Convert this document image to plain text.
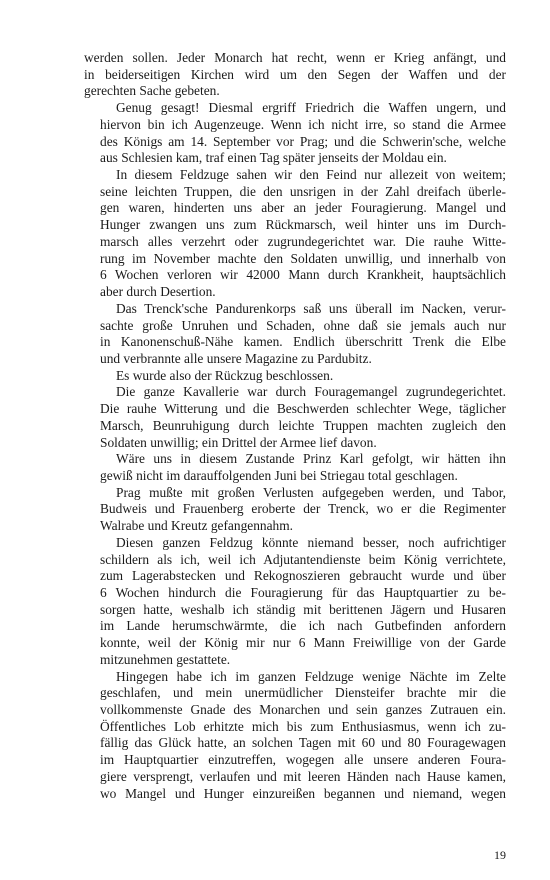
werden sollen. Jeder Monarch hat recht, wenn er Krieg anfängt, und
in beiderseitigen Kirchen wird um den Segen der Waffen und der
gerechten Sache gebeten.

Genug gesagt! Diesmal ergriff Friedrich die Waffen ungern, und
hiervon bin ich Augenzeuge. Wenn ich nicht irre, so stand die Armee
des Königs am 14. September vor Prag; und die Schwerin'sche, welche
aus Schlesien kam, traf einen Tag später jenseits der Moldau ein.

In diesem Feldzuge sahen wir den Feind nur allezeit von weitem;
seine leichten Truppen, die den unsrigen in der Zahl dreifach überle-
gen waren, hinderten uns aber an jeder Fouragierung. Mangel und
Hunger zwangen uns zum Rückmarsch, weil hinter uns im Durch-
marsch alles verzehrt oder zugrundegerichtet war. Die rauhe Witte-
rung im November machte den Soldaten unwillig, und innerhalb von
6 Wochen verloren wir 42000 Mann durch Krankheit, hauptsächlich
aber durch Desertion.

Das Trenck'sche Pandurenkorps saß uns überall im Nacken, verur-
sachte große Unruhen und Schaden, ohne daß sie jemals auch nur
in Kanonenschuß-Nähe kamen. Endlich überschritt Trenk die Elbe
und verbrannte alle unsere Magazine zu Pardubitz.

Es wurde also der Rückzug beschlossen.

Die ganze Kavallerie war durch Fouragemangel zugrundegerichtet.
Die rauhe Witterung und die Beschwerden schlechter Wege, täglicher
Marsch, Beunruhigung durch leichte Truppen machten zugleich den
Soldaten unwillig; ein Drittel der Armee lief davon.

Wäre uns in diesem Zustande Prinz Karl gefolgt, wir hätten ihn
gewiß nicht im darauffolgenden Juni bei Striegau total geschlagen.

Prag mußte mit großen Verlusten aufgegeben werden, und Tabor,
Budweis und Frauenberg eroberte der Trenck, wo er die Regimenter
Walrabe und Kreutz gefangennahm.

Diesen ganzen Feldzug könnte niemand besser, noch aufrichtiger
schildern als ich, weil ich Adjutantendienste beim König verrichtete,
zum Lagerabstecken und Rekognoszieren gebraucht wurde und über
6 Wochen hindurch die Fouragierung für das Hauptquartier zu be-
sorgen hatte, weshalb ich ständig mit berittenen Jägern und Husaren
im Lande herumschwärmte, die ich nach Gutbefinden anfordern
konnte, weil der König mir nur 6 Mann Freiwillige von der Garde
mitzunehmen gestattete.

Hingegen habe ich im ganzen Feldzuge wenige Nächte im Zelte
geschlafen, und mein unermüdlicher Diensteifer brachte mir die
vollkommenste Gnade des Monarchen und sein ganzes Zutrauen ein.
Öffentliches Lob erhitzte mich bis zum Enthusiasmus, wenn ich zu-
fällig das Glück hatte, an solchen Tagen mit 60 und 80 Fouragewagen
im Hauptquartier einzutreffen, wogegen alle unsere anderen Foura-
giere versprengt, verlaufen und mit leeren Händen nach Hause kamen,
wo Mangel und Hunger einzureißen begannen und niemand, wegen

19
